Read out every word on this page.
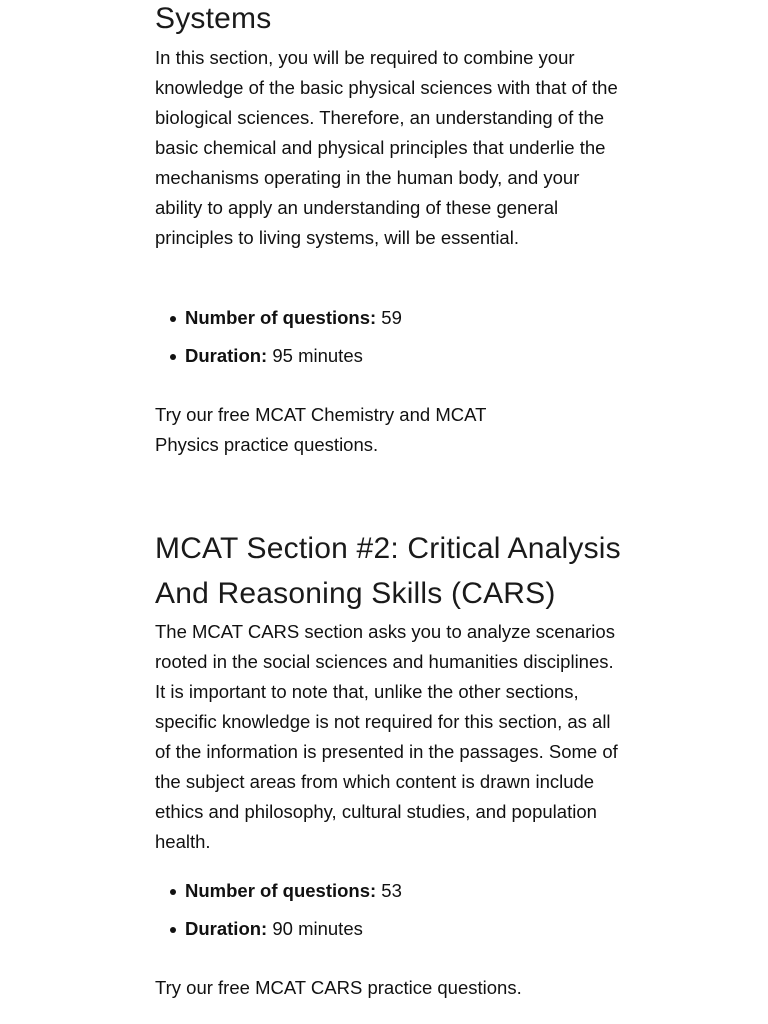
Systems

In this section, you will be required to combine your knowledge of the basic physical sciences with that of the biological sciences. Therefore, an understanding of the basic chemical and physical principles that underlie the mechanisms operating in the human body, and your ability to apply an understanding of these general principles to living systems, will be essential.

Number of questions: 59
Duration: 95 minutes

Try our free MCAT Chemistry and MCAT Physics practice questions.

MCAT Section #2: Critical Analysis And Reasoning Skills (CARS)

The MCAT CARS section asks you to analyze scenarios rooted in the social sciences and humanities disciplines. It is important to note that, unlike the other sections, specific knowledge is not required for this section, as all of the information is presented in the passages. Some of the subject areas from which content is drawn include ethics and philosophy, cultural studies, and population health.

Number of questions: 53
Duration: 90 minutes

Try our free MCAT CARS practice questions.
